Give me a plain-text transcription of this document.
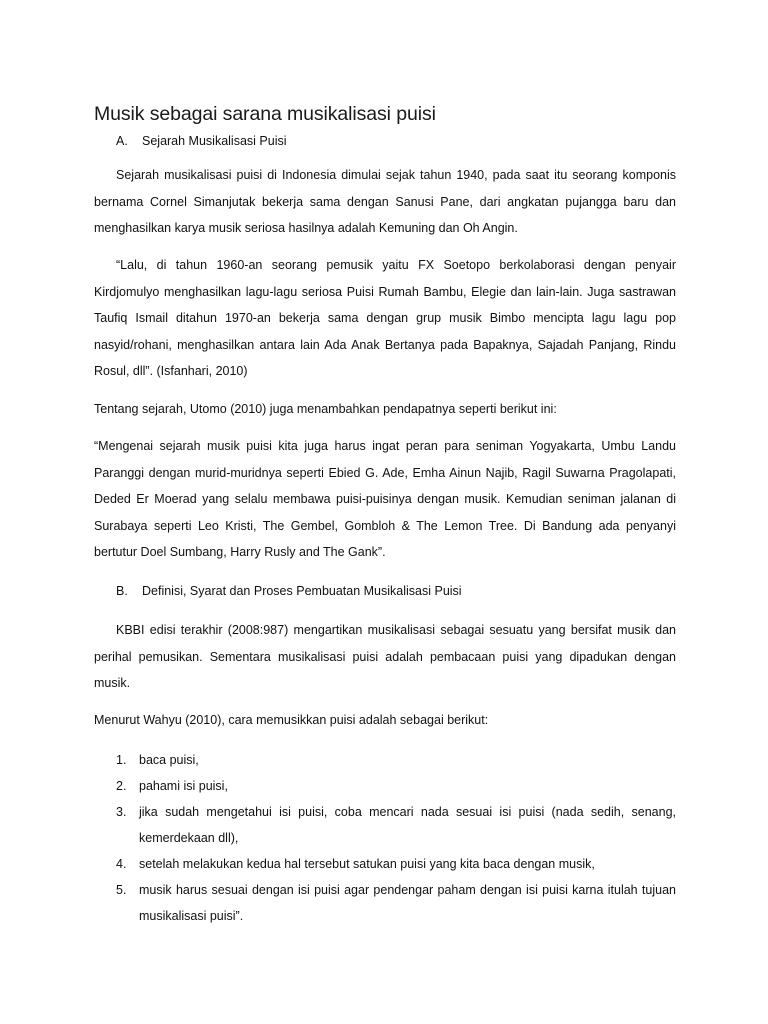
Musik sebagai sarana musikalisasi puisi
A. Sejarah Musikalisasi Puisi

Sejarah musikalisasi puisi di Indonesia dimulai sejak tahun 1940, pada saat itu seorang komponis bernama Cornel Simanjutak bekerja sama dengan Sanusi Pane, dari angkatan pujangga baru dan menghasilkan karya musik seriosa hasilnya adalah Kemuning dan Oh Angin.

“Lalu, di tahun 1960-an seorang pemusik yaitu FX Soetopo berkolaborasi dengan penyair Kirdjomulyo menghasilkan lagu-lagu seriosa Puisi Rumah Bambu, Elegie dan lain-lain. Juga sastrawan Taufiq Ismail ditahun 1970-an bekerja sama dengan grup musik Bimbo mencipta lagu lagu pop nasyid/rohani, menghasilkan antara lain Ada Anak Bertanya pada Bapaknya, Sajadah Panjang, Rindu Rosul, dll”. (Isfanhari, 2010)

Tentang sejarah, Utomo (2010) juga menambahkan pendapatnya seperti berikut ini:

“Mengenai sejarah musik puisi kita juga harus ingat peran para seniman Yogyakarta, Umbu Landu Paranggi dengan murid-muridnya seperti Ebied G. Ade, Emha Ainun Najib, Ragil Suwarna Pragolapati, Deded Er Moerad yang selalu membawa puisi-puisinya dengan musik. Kemudian seniman jalanan di Surabaya seperti Leo Kristi, The Gembel, Gombloh & The Lemon Tree. Di Bandung ada penyanyi bertutur Doel Sumbang, Harry Rusly and The Gank”.

B. Definisi, Syarat dan Proses Pembuatan Musikalisasi Puisi

KBBI edisi terakhir (2008:987) mengartikan musikalisasi sebagai sesuatu yang bersifat musik dan perihal pemusikan. Sementara musikalisasi puisi adalah pembacaan puisi yang dipadukan dengan musik.

Menurut Wahyu (2010), cara memusikkan puisi adalah sebagai berikut:

1.	baca puisi,
2.	pahami isi puisi,
3.	jika sudah mengetahui isi puisi, coba mencari nada sesuai isi puisi (nada sedih, senang, kemerdekaan dll),
4.	setelah melakukan kedua hal tersebut satukan puisi yang kita baca dengan musik,
5.	musik harus sesuai dengan isi puisi agar pendengar paham dengan isi puisi karna itulah tujuan musikalisasi puisi”.
